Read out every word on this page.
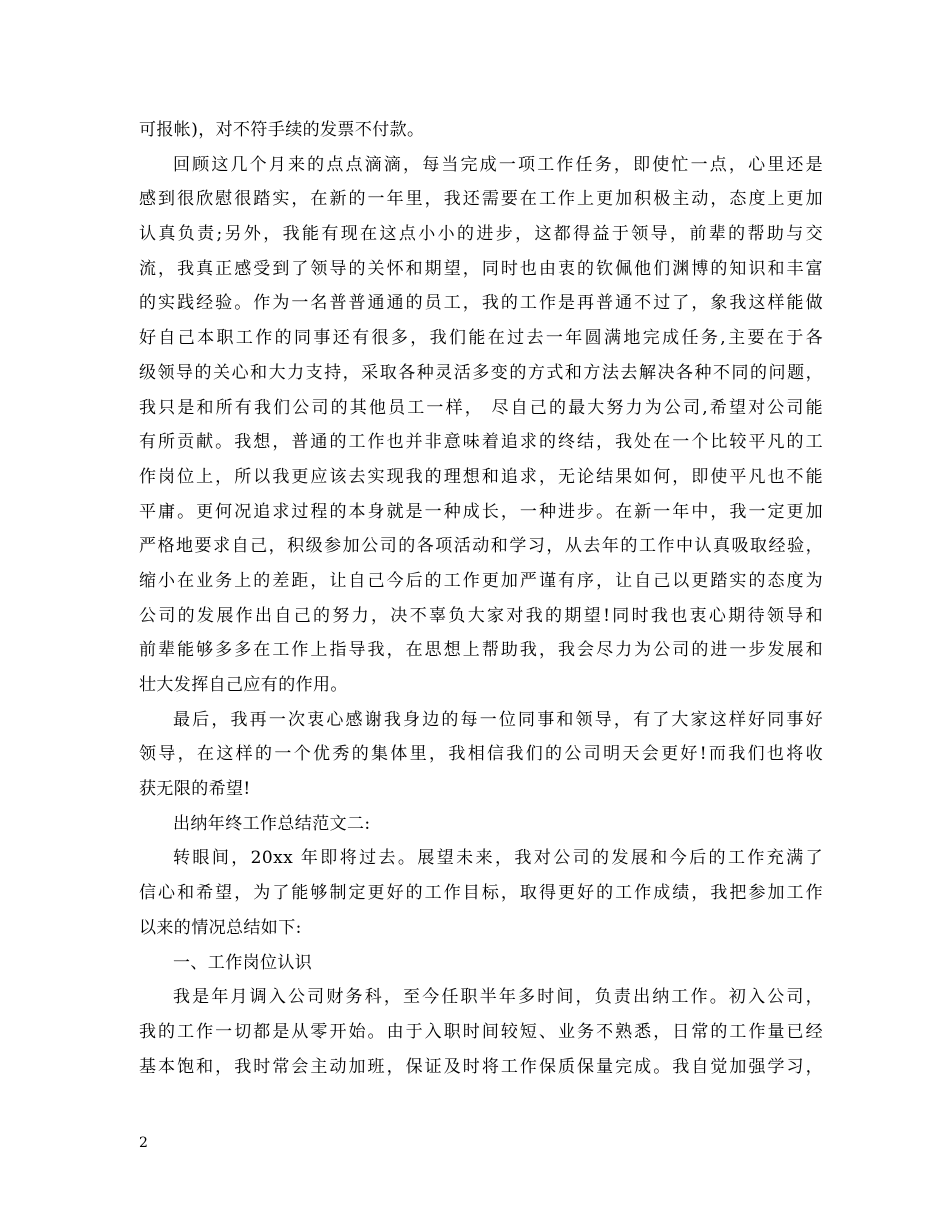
可报帐)，对不符手续的发票不付款。
回顾这几个月来的点点滴滴，每当完成一项工作任务，即使忙一点，心里还是
感到很欣慰很踏实，在新的一年里，我还需要在工作上更加积极主动，态度上更加
认真负责;另外，我能有现在这点小小的进步，这都得益于领导，前辈的帮助与交
流，我真正感受到了领导的关怀和期望，同时也由衷的钦佩他们渊博的知识和丰富
的实践经验。作为一名普普通通的员工，我的工作是再普通不过了，象我这样能做
好自己本职工作的同事还有很多，我们能在过去一年圆满地完成任务,主要在于各
级领导的关心和大力支持，采取各种灵活多变的方式和方法去解决各种不同的问题，
我只是和所有我们公司的其他员工一样， 尽自己的最大努力为公司,希望对公司能
有所贡献。我想，普通的工作也并非意味着追求的终结，我处在一个比较平凡的工
作岗位上，所以我更应该去实现我的理想和追求，无论结果如何，即使平凡也不能
平庸。更何况追求过程的本身就是一种成长，一种进步。在新一年中，我一定更加
严格地要求自己，积级参加公司的各项活动和学习，从去年的工作中认真吸取经验，
缩小在业务上的差距，让自己今后的工作更加严谨有序，让自己以更踏实的态度为
公司的发展作出自己的努力，决不辜负大家对我的期望!同时我也衷心期待领导和
前辈能够多多在工作上指导我，在思想上帮助我，我会尽力为公司的进一步发展和
壮大发挥自己应有的作用。
最后，我再一次衷心感谢我身边的每一位同事和领导，有了大家这样好同事好
领导，在这样的一个优秀的集体里，我相信我们的公司明天会更好!而我们也将收
获无限的希望!
出纳年终工作总结范文二:
转眼间，20xx 年即将过去。展望未来，我对公司的发展和今后的工作充满了
信心和希望，为了能够制定更好的工作目标，取得更好的工作成绩，我把参加工作
以来的情况总结如下:
一、工作岗位认识
我是年月调入公司财务科，至今任职半年多时间，负责出纳工作。初入公司，
我的工作一切都是从零开始。由于入职时间较短、业务不熟悉，日常的工作量已经
基本饱和，我时常会主动加班，保证及时将工作保质保量完成。我自觉加强学习，
2
